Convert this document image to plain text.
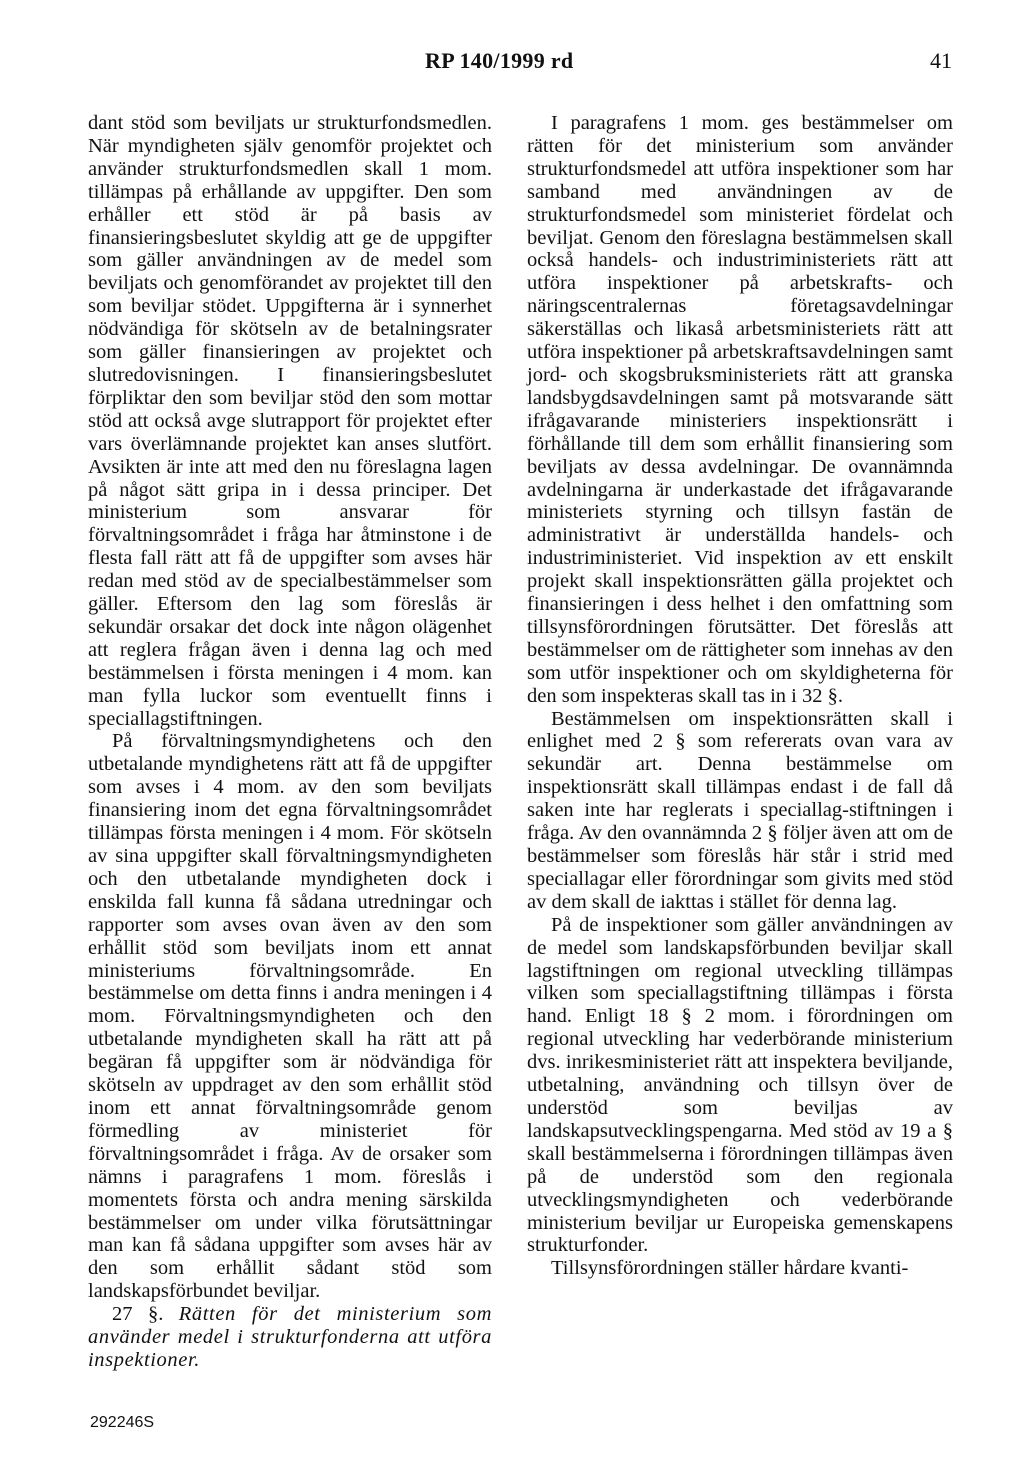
RP 140/1999 rd	41

dant stöd som beviljats ur strukturfondsmedlen. När myndigheten själv genomför projektet och använder strukturfondsmedlen skall 1 mom. tillämpas på erhållande av uppgifter. Den som erhåller ett stöd är på basis av finansieringsbeslutet skyldig att ge de uppgifter som gäller användningen av de medel som beviljats och genomförandet av projektet till den som beviljar stödet. Uppgifterna är i synnerhet nödvändiga för skötseln av de betalningsrater som gäller finansieringen av projektet och slutredovisningen. I finansieringsbeslutet förpliktar den som beviljar stöd den som mottar stöd att också avge slutrapport för projektet efter vars överlämnande projektet kan anses slutfört. Avsikten är inte att med den nu föreslagna lagen på något sätt gripa in i dessa principer. Det ministerium som ansvarar för förvaltningsområdet i fråga har åtminstone i de flesta fall rätt att få de uppgifter som avses här redan med stöd av de specialbestämmelser som gäller. Eftersom den lag som föreslås är sekundär orsakar det dock inte någon olägenhet att reglera frågan även i denna lag och med bestämmelsen i första meningen i 4 mom. kan man fylla luckor som eventuellt finns i speciallagstiftningen.

På förvaltningsmyndighetens och den utbetalande myndighetens rätt att få de uppgifter som avses i 4 mom. av den som beviljats finansiering inom det egna förvaltningsområdet tillämpas första meningen i 4 mom. För skötseln av sina uppgifter skall förvaltningsmyndigheten och den utbetalande myndigheten dock i enskilda fall kunna få sådana utredningar och rapporter som avses ovan även av den som erhållit stöd som beviljats inom ett annat ministeriums förvaltningsområde. En bestämmelse om detta finns i andra meningen i 4 mom. Förvaltningsmyndigheten och den utbetalande myndigheten skall ha rätt att på begäran få uppgifter som är nödvändiga för skötseln av uppdraget av den som erhållit stöd inom ett annat förvaltningsområde genom förmedling av ministeriet för förvaltningsområdet i fråga. Av de orsaker som nämns i paragrafens 1 mom. föreslås i momentets första och andra mening särskilda bestämmelser om under vilka förutsättningar man kan få sådana uppgifter som avses här av den som erhållit sådant stöd som landskapsförbundet beviljar.

27 §. Rätten för det ministerium som använder medel i strukturfonderna att utföra inspektioner.

I paragrafens 1 mom. ges bestämmelser om rätten för det ministerium som använder strukturfondsmedel att utföra inspektioner som har samband med användningen av de strukturfondsmedel som ministeriet fördelat och beviljat. Genom den föreslagna bestämmelsen skall också handels- och industriministeriets rätt att utföra inspektioner på arbetskrafts- och näringscentralernas företagsavdelningar säkerställas och likaså arbetsministeriets rätt att utföra inspektioner på arbetskraftsavdelningen samt jord- och skogsbruksministeriets rätt att granska landsbygdsavdelningen samt på motsvarande sätt ifrågavarande ministeriers inspektionsrätt i förhållande till dem som erhållit finansiering som beviljats av dessa avdelningar. De ovannämnda avdelningarna är underkastade det ifrågavarande ministeriets styrning och tillsyn fastän de administrativt är underställda handels- och industriministeriet. Vid inspektion av ett enskilt projekt skall inspektionsrätten gälla projektet och finansieringen i dess helhet i den omfattning som tillsynsförordningen förutsätter. Det föreslås att bestämmelser om de rättigheter som innehas av den som utför inspektioner och om skyldigheterna för den som inspekteras skall tas in i 32 §.

Bestämmelsen om inspektionsrätten skall i enlighet med 2 § som refererats ovan vara av sekundär art. Denna bestämmelse om inspektionsrätt skall tillämpas endast i de fall då saken inte har reglerats i speciallag-stiftningen i fråga. Av den ovannämnda 2 § följer även att om de bestämmelser som föreslås här står i strid med speciallagar eller förordningar som givits med stöd av dem skall de iakttas i stället för denna lag.

På de inspektioner som gäller användningen av de medel som landskapsförbunden beviljar skall lagstiftningen om regional utveckling tillämpas vilken som speciallagstiftning tillämpas i första hand. Enligt 18 § 2 mom. i förordningen om regional utveckling har vederbörande ministerium dvs. inrikesministeriet rätt att inspektera beviljande, utbetalning, användning och tillsyn över de understöd som beviljas av landskapsutvecklingspengarna. Med stöd av 19 a § skall bestämmelserna i förordningen tillämpas även på de understöd som den regionala utvecklingsmyndigheten och vederbörande ministerium beviljar ur Europeiska gemenskapens strukturfonder.

Tillsynsförordningen ställer hårdare kvanti-

292246S
